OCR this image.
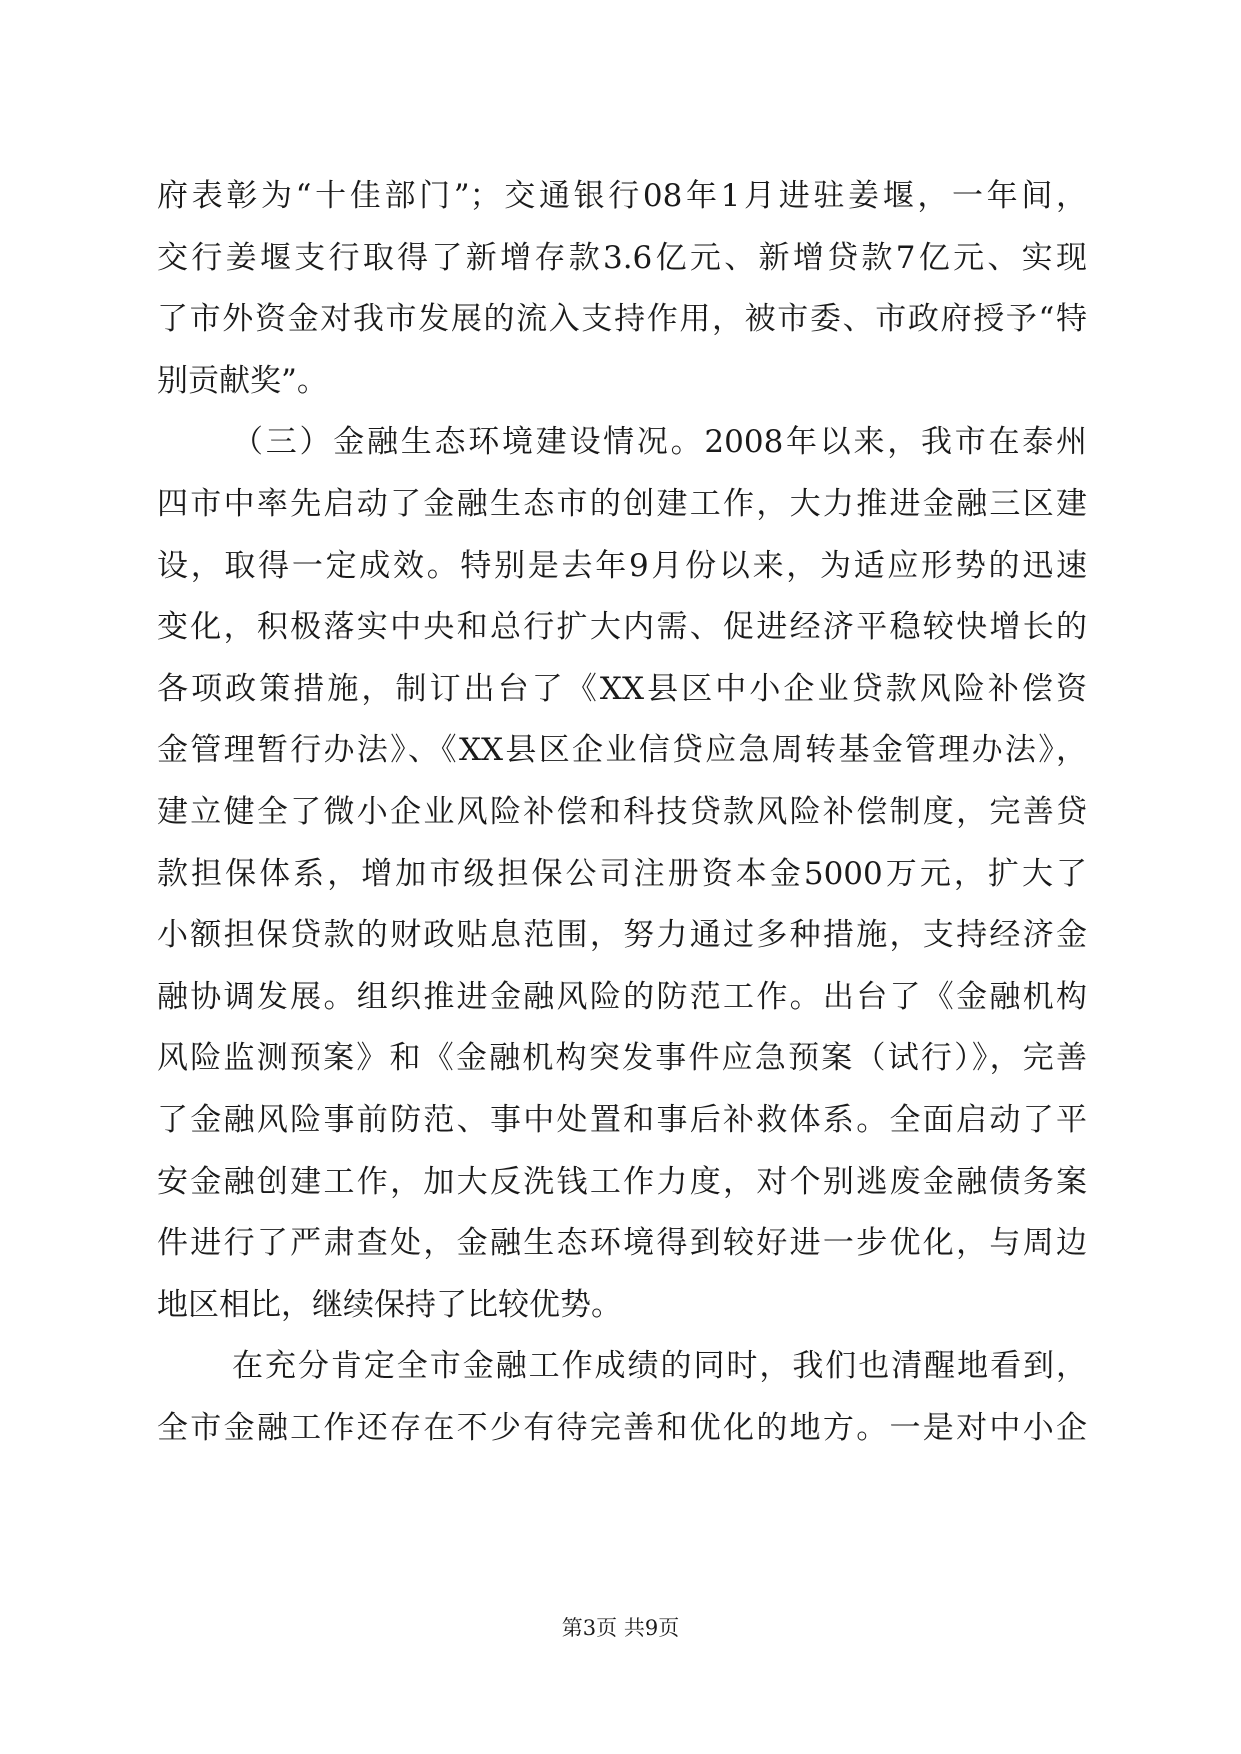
府表彰为“十佳部门”；交通银行08年1月进驻姜堰，一年间，
交行姜堰支行取得了新增存款3.6亿元、新增贷款7亿元、实现
了市外资金对我市发展的流入支持作用，被市委、市政府授予“特
别贡献奖”。
（三）金融生态环境建设情况。2008年以来，我市在泰州
四市中率先启动了金融生态市的创建工作，大力推进金融三区建
设，取得一定成效。特别是去年9月份以来，为适应形势的迅速
变化，积极落实中央和总行扩大内需、促进经济平稳较快增长的
各项政策措施，制订出台了《XX县区中小企业贷款风险补偿资
金管理暂行办法》、《XX县区企业信贷应急周转基金管理办法》，
建立健全了微小企业风险补偿和科技贷款风险补偿制度，完善贷
款担保体系，增加市级担保公司注册资本金5000万元，扩大了
小额担保贷款的财政贴息范围，努力通过多种措施，支持经济金
融协调发展。组织推进金融风险的防范工作。出台了《金融机构
风险监测预案》和《金融机构突发事件应急预案（试行）》，完善
了金融风险事前防范、事中处置和事后补救体系。全面启动了平
安金融创建工作，加大反洗钱工作力度，对个别逃废金融债务案
件进行了严肃查处，金融生态环境得到较好进一步优化，与周边
地区相比，继续保持了比较优势。
在充分肯定全市金融工作成绩的同时，我们也清醒地看到，
全市金融工作还存在不少有待完善和优化的地方。一是对中小企
第3页 共9页
